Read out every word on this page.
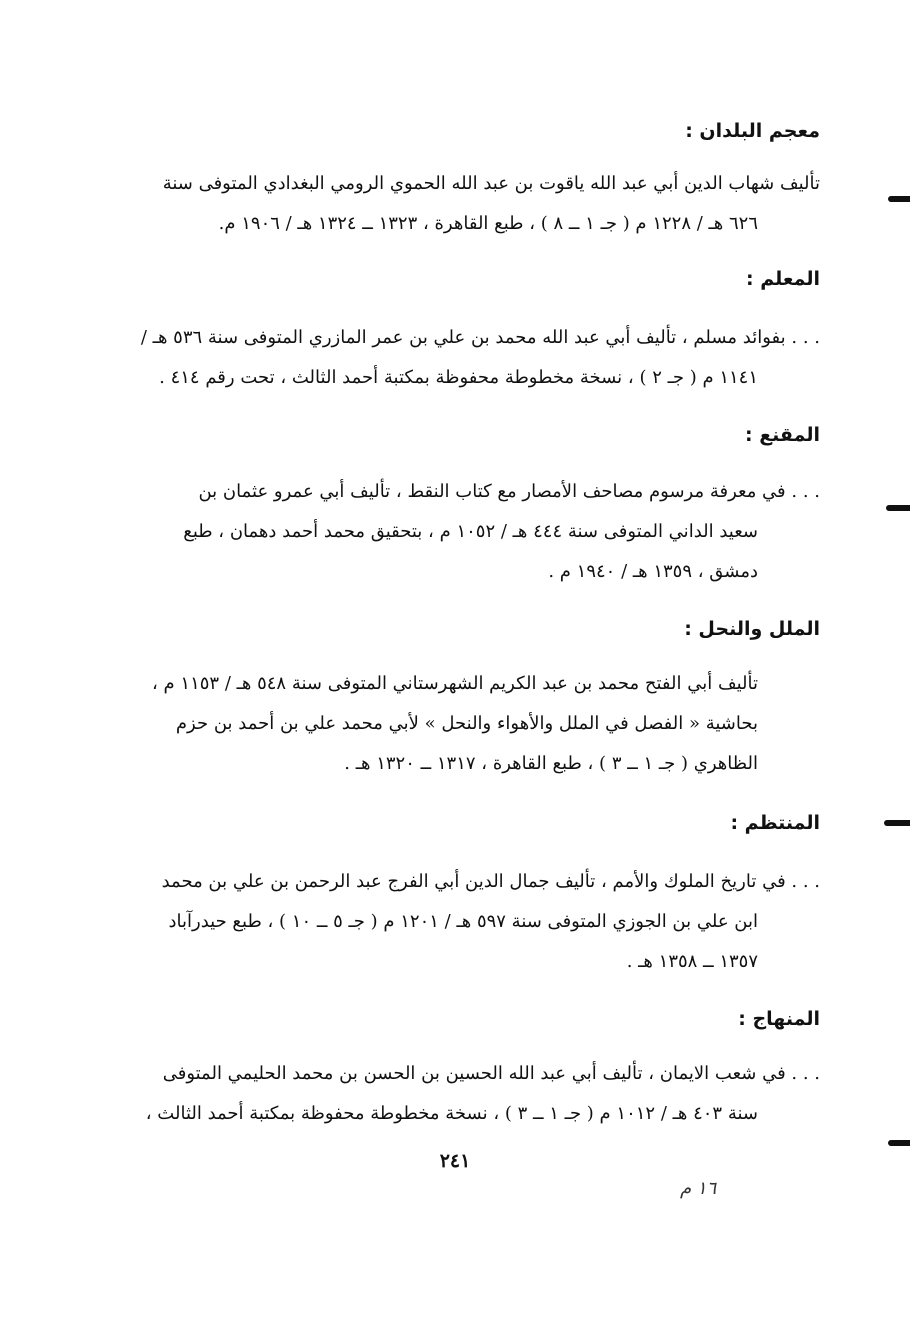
معجم البلدان :
تأليف شهاب الدين أبي عبد الله ياقوت بن عبد الله الحموي الرومي البغدادي المتوفى سنة
٦٢٦ هـ / ١٢٢٨ م ( جـ ١ ــ ٨ ) ، طبع القاهرة ، ١٣٢٣ ــ ١٣٢٤ هـ / ١٩٠٦ م.
المعلم :
. . . بفوائد مسلم ، تأليف أبي عبد الله محمد بن علي بن عمر المازري المتوفى سنة ٥٣٦ هـ /
١١٤١ م ( جـ ٢ ) ، نسخة مخطوطة محفوظة بمكتبة أحمد الثالث ، تحت رقم ٤١٤ .
المقنع :
. . . في معرفة مرسوم مصاحف الأمصار مع كتاب النقط ، تأليف أبي عمرو عثمان بن
سعيد الداني المتوفى سنة ٤٤٤ هـ / ١٠٥٢ م ، بتحقيق محمد أحمد دهمان ، طبع
دمشق ، ١٣٥٩ هـ / ١٩٤٠ م .
الملل والنحل :
تأليف أبي الفتح محمد بن عبد الكريم الشهرستاني المتوفى سنة ٥٤٨ هـ / ١١٥٣ م ،
بحاشية « الفصل في الملل والأهواء والنحل » لأبي محمد علي بن أحمد بن حزم
الظاهري ( جـ ١ ــ ٣ ) ، طبع القاهرة ، ١٣١٧ ــ ١٣٢٠ هـ .
المنتظم :
. . . في تاريخ الملوك والأمم ، تأليف جمال الدين أبي الفرج عبد الرحمن بن علي بن محمد
ابن علي بن الجوزي المتوفى سنة ٥٩٧ هـ / ١٢٠١ م ( جـ ٥ ــ ١٠ ) ، طبع حيدرآباد
١٣٥٧ ــ ١٣٥٨ هـ .
المنهاج :
. . . في شعب الايمان ، تأليف أبي عبد الله الحسين بن الحسن بن محمد الحليمي المتوفى
سنة ٤٠٣ هـ / ١٠١٢ م ( جـ ١ ــ ٣ ) ، نسخة مخطوطة محفوظة بمكتبة أحمد الثالث ،
٢٤١
١٦ م
